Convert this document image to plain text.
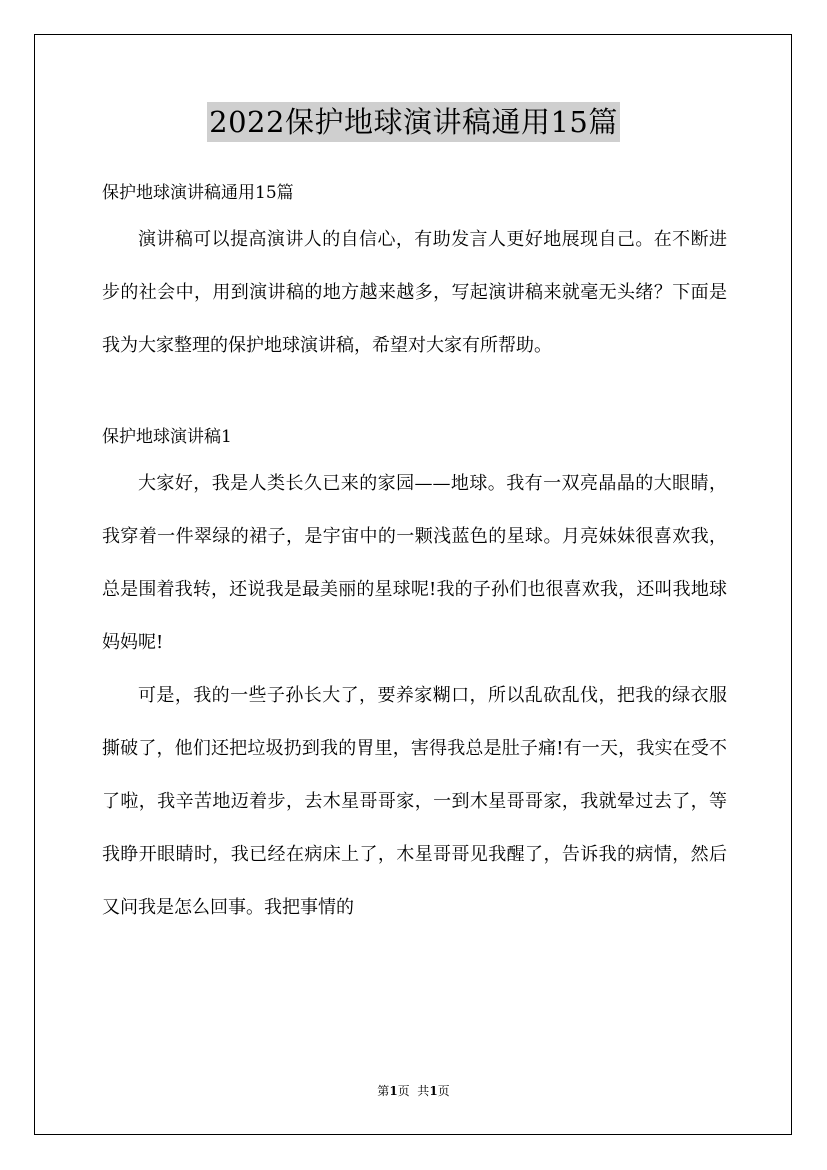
2022保护地球演讲稿通用15篇
保护地球演讲稿通用15篇

演讲稿可以提高演讲人的自信心，有助发言人更好地展现自己。在不断进步的社会中，用到演讲稿的地方越来越多，写起演讲稿来就毫无头绪？下面是我为大家整理的保护地球演讲稿，希望对大家有所帮助。

保护地球演讲稿1

大家好，我是人类长久已来的家园——地球。我有一双亮晶晶的大眼睛，我穿着一件翠绿的裙子，是宇宙中的一颗浅蓝色的星球。月亮妹妹很喜欢我，总是围着我转，还说我是最美丽的星球呢!我的子孙们也很喜欢我，还叫我地球妈妈呢!

可是，我的一些子孙长大了，要养家糊口，所以乱砍乱伐，把我的绿衣服撕破了，他们还把垃圾扔到我的胃里，害得我总是肚子痛!有一天，我实在受不了啦，我辛苦地迈着步，去木星哥哥家，一到木星哥哥家，我就晕过去了，等我睁开眼睛时，我已经在病床上了，木星哥哥见我醒了，告诉我的病情，然后又问我是怎么回事。我把事情的

第1页  共1页
